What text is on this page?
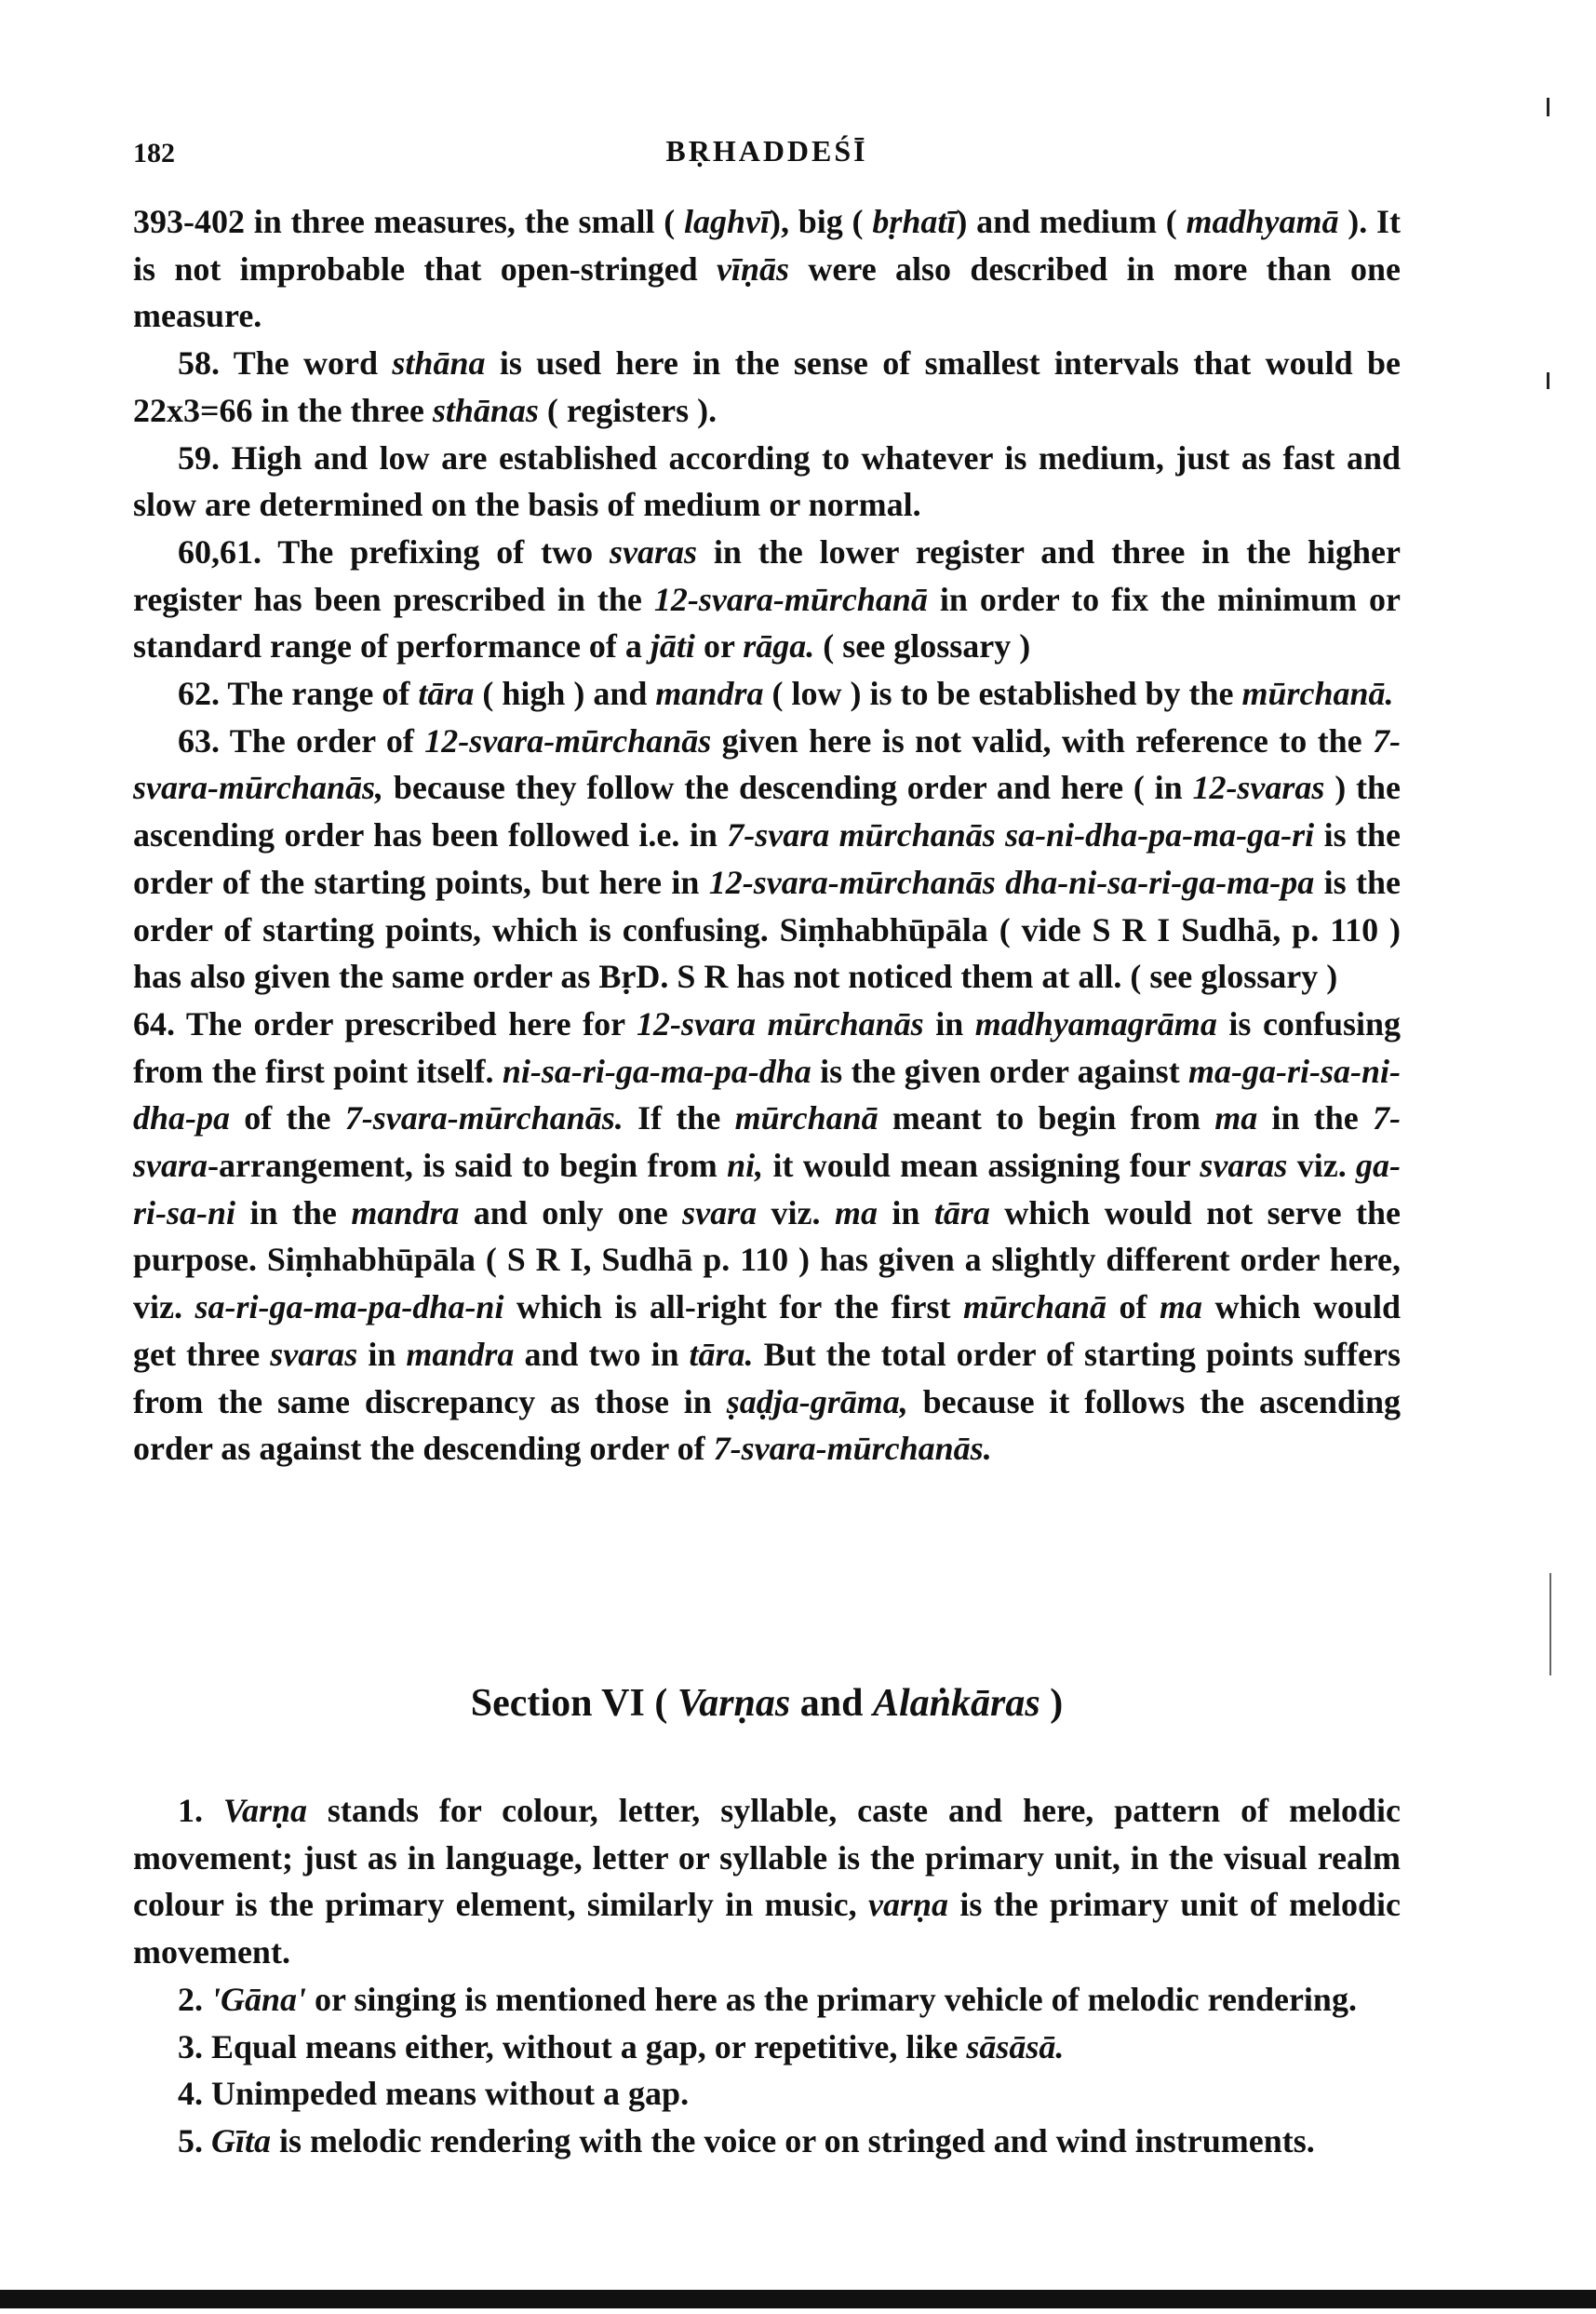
182	BṚHADDEŚĪ

393-402 in three measures, the small ( laghvī), big ( bṛhatī) and medium ( madhyamā ). It is not improbable that open-stringed vīṇās were also described in more than one measure.

58. The word sthāna is used here in the sense of smallest intervals that would be 22x3=66 in the three sthānas ( registers ).

59. High and low are established according to whatever is medium, just as fast and slow are determined on the basis of medium or normal.

60,61. The prefixing of two svaras in the lower register and three in the higher register has been prescribed in the 12-svara-mūrchanā in order to fix the minimum or standard range of performance of a jāti or rāga. ( see glossary )

62. The range of tāra ( high ) and mandra ( low ) is to be established by the mūrchanā.

63. The order of 12-svara-mūrchanās given here is not valid, with reference to the 7-svara-mūrchanās, because they follow the descending order and here ( in 12-svaras ) the ascending order has been followed i.e. in 7-svara mūrchanās sa-ni-dha-pa-ma-ga-ri is the order of the starting points, but here in 12-svara-mūrchanās dha-ni-sa-ri-ga-ma-pa is the order of starting points, which is confusing. Siṃhabhūpāla ( vide S R I Sudhā, p. 110 ) has also given the same order as BṛD. S R has not noticed them at all. ( see glossary )

64. The order prescribed here for 12-svara mūrchanās in madhyamagrāma is confusing from the first point itself. ni-sa-ri-ga-ma-pa-dha is the given order against ma-ga-ri-sa-ni-dha-pa of the 7-svara-mūrchanās. If the mūrchanā meant to begin from ma in the 7-svara-arrangement, is said to begin from ni, it would mean assigning four svaras viz. ga-ri-sa-ni in the mandra and only one svara viz. ma in tāra which would not serve the purpose. Siṃhabhūpāla ( S R I, Sudhā p. 110 ) has given a slightly different order here, viz. sa-ri-ga-ma-pa-dha-ni which is all-right for the first mūrchanā of ma which would get three svaras in mandra and two in tāra. But the total order of starting points suffers from the same discrepancy as those in ṣaḍja-grāma, because it follows the ascending order as against the descending order of 7-svara-mūrchanās.

Section VI ( Varṇas and Alaṅkāras )

1. Varṇa stands for colour, letter, syllable, caste and here, pattern of melodic movement; just as in language, letter or syllable is the primary unit, in the visual realm colour is the primary element, similarly in music, varṇa is the primary unit of melodic movement.

2. 'Gāna' or singing is mentioned here as the primary vehicle of melodic rendering.

3. Equal means either, without a gap, or repetitive, like sāsāsā.

4. Unimpeded means without a gap.

5. Gīta is melodic rendering with the voice or on stringed and wind instruments.
